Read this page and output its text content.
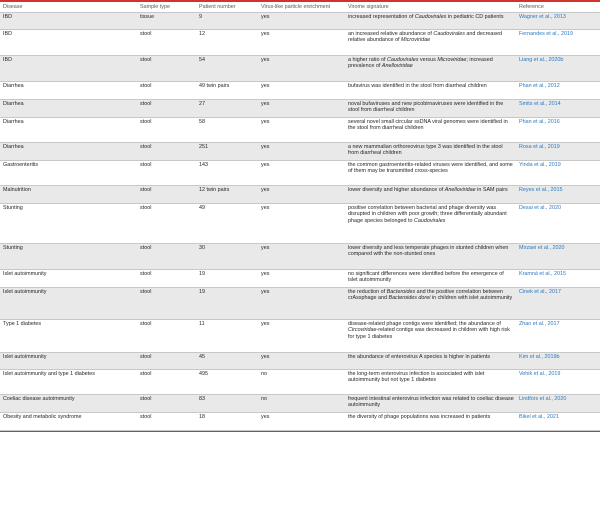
Disease	Sample type	Patient number	Virus-like particle enrichment	Virome signature	Reference
IBD	tissue	9	yes	increased representation of Caudovirales in pediatric CD patients	Wagner et al., 2013
IBD	stool	12	yes	an increased relative abundance of Caudovirales and decreased relative abundance of Microviridae	Fernandes et al., 2019
IBD	stool	54	yes	a higher ratio of Caudovirales versus Microviridae; increased prevalence of Anelloviridae	Liang et al., 2020b
Diarrhea	stool	49 twin pairs	yes	bufavirus was identified in the stool from diarrheal children	Phan et al., 2012
Diarrhea	stool	27	yes	noval bufaviruses and new picobirnaviruses were identified in the stool from diarrheal children	Smits et al., 2014
Diarrhea	stool	58	yes	several novel small circular ssDNA viral genomes were identified in the stool from diarrheal children	Phan et al., 2016
Diarrhea	stool	251	yes	a new mammalian orthoreovirus type 3 was identified in the stool from diarrheal children	Rosa et al., 2019
Gastroenteritis	stool	143	yes	the common gastroenteritis-related viruses were identified, and some of them may be transmitted cross-species	Yinda et al., 2019
Malnutrition	stool	12 twin pairs	yes	lower diversity and higher abundance of Anelloviridae in SAM pairs	Reyes et al., 2015
Stunting	stool	49	yes	positive correlation between bacterial and phage diversity was disrupted in children with poor growth; three differentially abundant phage species belonged to Caudovirales	Desai et al., 2020
Stunting	stool	30	yes	lower diversity and less temperate phages in stunted children when compared with the non-stunted ones	Mirzaei et al., 2020
Islet autoimmunity	stool	19	yes	no significant differences were identified before the emergence of islet autoimmunity	Kramná et al., 2015
Islet autoimmunity	stool	19	yes	the reduction of Bacteroides and the positive correlation between crAssphage and Bacteroides dorei in children with islet autoimmunity	Cinek et al., 2017
Type 1 diabetes	stool	11	yes	disease-related phage contigs were identified; the abundance of Circoviridae-related contigs was decreased in children with high risk for type 1 diabetes	Zhao et al., 2017
Islet autoimmunity	stool	45	yes	the abundance of enterovirus A species is higher in patients	Kim et al., 2019b
Islet autoimmunity and type 1 diabetes	stool	495	no	the long-term enterovirus infection is associated with islet autoimmunity but not type 1 diabetes	Vehik et al., 2019
Coeliac disease autoimmunity	stool	83	no	frequent intestinal enterovirus infection was related to coeliac disease autoimmunity	Lindfors et al., 2020
Obesity and metabolic syndrome	stool	18	yes	the diversity of phage populations was increased in patients	Bikel et al., 2021
